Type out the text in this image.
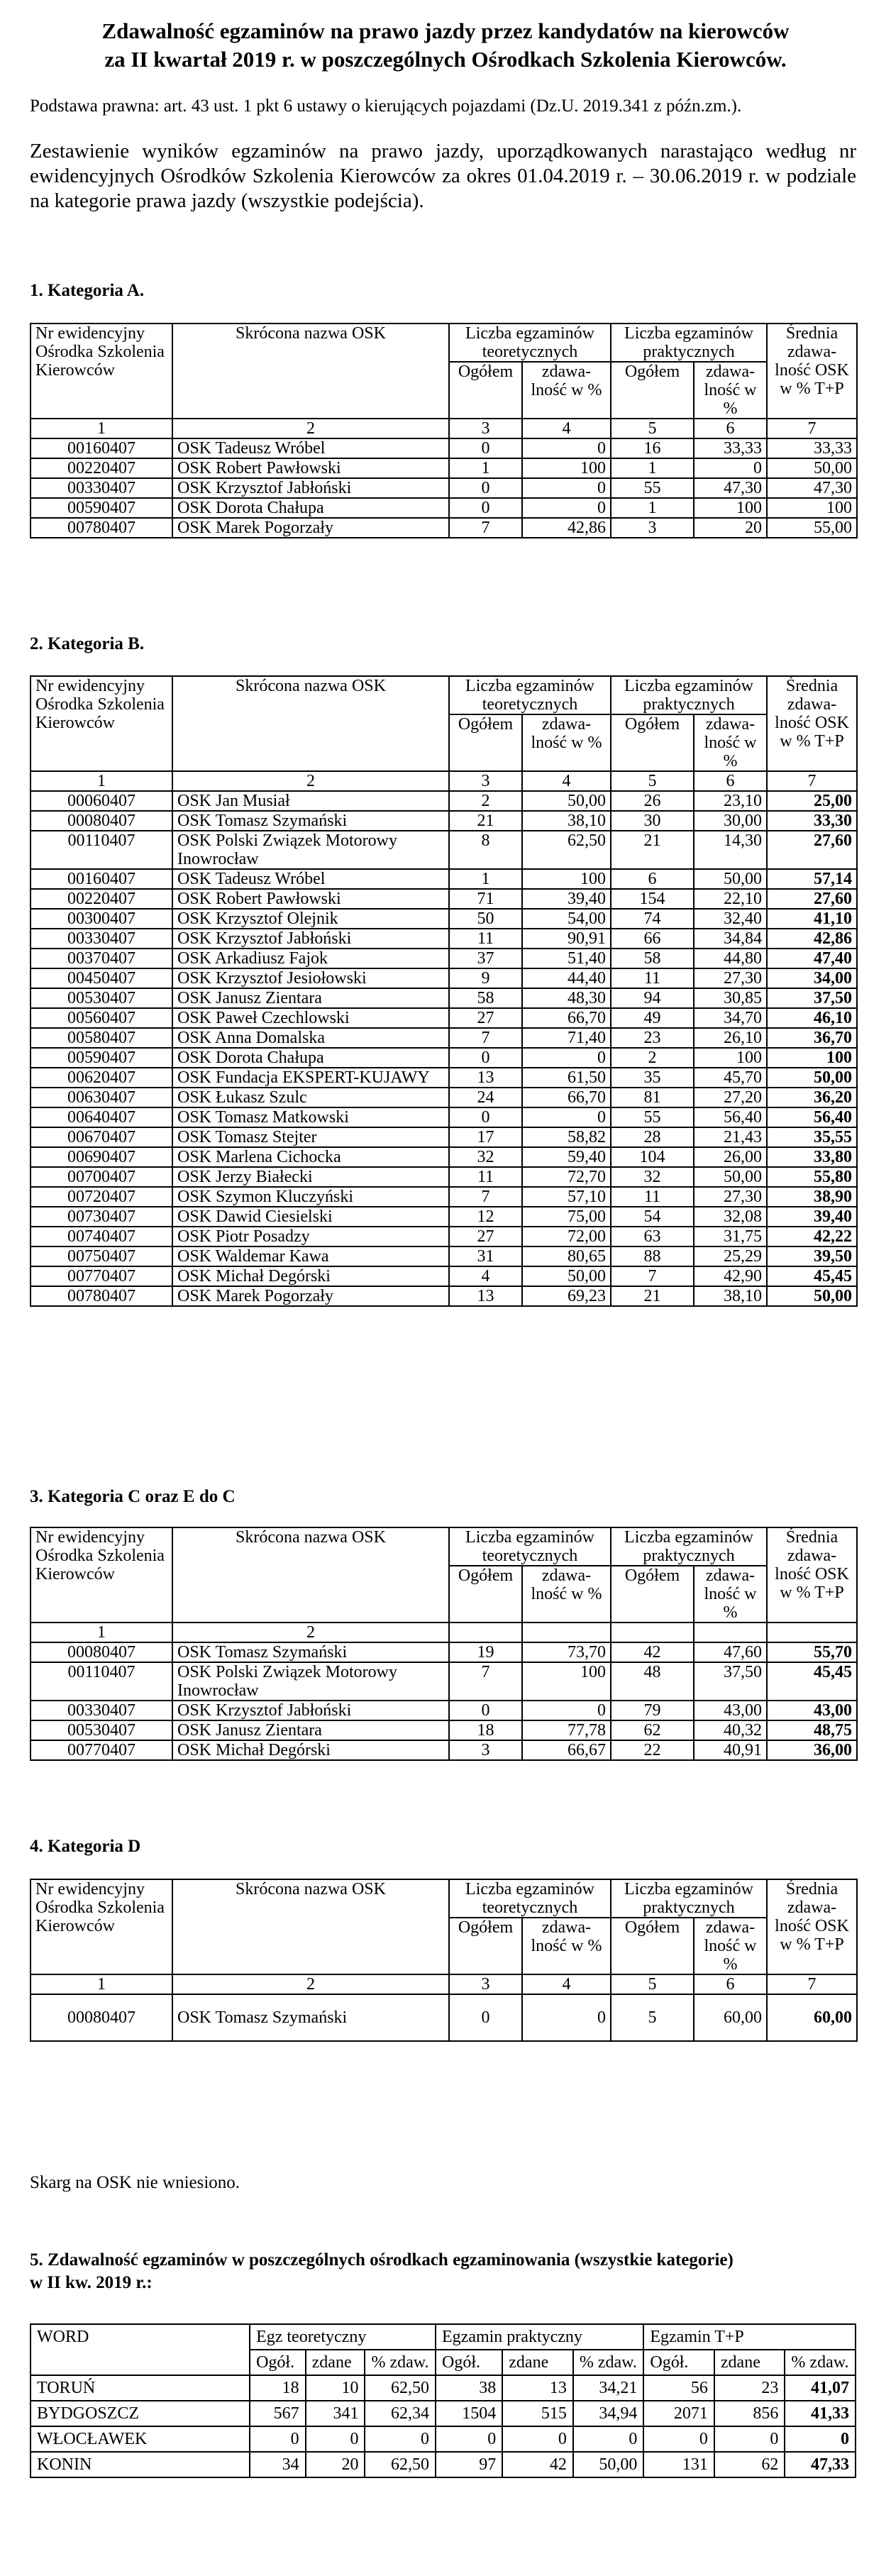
Zdawalność egzaminów na prawo jazdy przez kandydatów na kierowców
za II kwartał 2019 r. w poszczególnych Ośrodkach Szkolenia Kierowców.
Podstawa prawna: art. 43 ust. 1 pkt 6 ustawy o kierujących pojazdami (Dz.U. 2019.341 z późn.zm.).
Zestawienie wyników egzaminów na prawo jazdy, uporządkowanych narastająco według nr ewidencyjnych Ośrodków Szkolenia Kierowców za okres 01.04.2019 r. – 30.06.2019 r. w podziale na kategorie prawa jazdy (wszystkie podejścia).
1. Kategoria A.
Nr ewidencyjny Ośrodka Szkolenia Kierowców	Skrócona nazwa OSK	Liczba egzaminów teoretycznych		Liczba egzaminów praktycznych		Średnia zdawa-lność OSK w % T+P
		Ogółem	zdawa-lność w %	Ogółem	zdawa-lność w %	
1	2	3	4	5	6	7
00160407	OSK Tadeusz Wróbel	0	0	16	33,33	33,33
00220407	OSK Robert Pawłowski	1	100	1	0	50,00
00330407	OSK Krzysztof Jabłoński	0	0	55	47,30	47,30
00590407	OSK Dorota Chałupa	0	0	1	100	100
00780407	OSK Marek Pogorzały	7	42,86	3	20	55,00
2. Kategoria B.
Nr ewidencyjny Ośrodka Szkolenia Kierowców	Skrócona nazwa OSK	Liczba egzaminów teoretycznych		Liczba egzaminów praktycznych		Średnia zdawa-lność OSK w % T+P
		Ogółem	zdawa-lność w %	Ogółem	zdawa-lność w %	
1	2	3	4	5	6	7
00060407	OSK Jan Musiał	2	50,00	26	23,10	25,00
00080407	OSK Tomasz Szymański	21	38,10	30	30,00	33,30
00110407	OSK Polski Związek Motorowy Inowrocław	8	62,50	21	14,30	27,60
00160407	OSK Tadeusz Wróbel	1	100	6	50,00	57,14
00220407	OSK Robert Pawłowski	71	39,40	154	22,10	27,60
00300407	OSK Krzysztof Olejnik	50	54,00	74	32,40	41,10
00330407	OSK Krzysztof Jabłoński	11	90,91	66	34,84	42,86
00370407	OSK Arkadiusz Fajok	37	51,40	58	44,80	47,40
00450407	OSK Krzysztof Jesiołowski	9	44,40	11	27,30	34,00
00530407	OSK Janusz Zientara	58	48,30	94	30,85	37,50
00560407	OSK Paweł Czechlowski	27	66,70	49	34,70	46,10
00580407	OSK Anna Domalska	7	71,40	23	26,10	36,70
00590407	OSK Dorota Chałupa	0	0	2	100	100
00620407	OSK Fundacja EKSPERT-KUJAWY	13	61,50	35	45,70	50,00
00630407	OSK Łukasz Szulc	24	66,70	81	27,20	36,20
00640407	OSK Tomasz Matkowski	0	0	55	56,40	56,40
00670407	OSK Tomasz Stejter	17	58,82	28	21,43	35,55
00690407	OSK Marlena Cichocka	32	59,40	104	26,00	33,80
00700407	OSK Jerzy Białecki	11	72,70	32	50,00	55,80
00720407	OSK Szymon Kluczyński	7	57,10	11	27,30	38,90
00730407	OSK Dawid Ciesielski	12	75,00	54	32,08	39,40
00740407	OSK Piotr Posadzy	27	72,00	63	31,75	42,22
00750407	OSK Waldemar Kawa	31	80,65	88	25,29	39,50
00770407	OSK Michał Degórski	4	50,00	7	42,90	45,45
00780407	OSK Marek Pogorzały	13	69,23	21	38,10	50,00
3. Kategoria C oraz E do C
Nr ewidencyjny Ośrodka Szkolenia Kierowców	Skrócona nazwa OSK	Liczba egzaminów teoretycznych		Liczba egzaminów praktycznych		Średnia zdawa-lność OSK w % T+P
		Ogółem	zdawa-lność w %	Ogółem	zdawa-lność w %	
1	2					
00080407	OSK Tomasz Szymański	19	73,70	42	47,60	55,70
00110407	OSK Polski Związek Motorowy Inowrocław	7	100	48	37,50	45,45
00330407	OSK Krzysztof Jabłoński	0	0	79	43,00	43,00
00530407	OSK Janusz Zientara	18	77,78	62	40,32	48,75
00770407	OSK Michał Degórski	3	66,67	22	40,91	36,00
4. Kategoria D
Nr ewidencyjny Ośrodka Szkolenia Kierowców	Skrócona nazwa OSK	Liczba egzaminów teoretycznych		Liczba egzaminów praktycznych		Średnia zdawa-lność OSK w % T+P
		Ogółem	zdawa-lność w %	Ogółem	zdawa-lność w %	
1	2	3	4	5	6	7
00080407	OSK Tomasz Szymański	0	0	5	60,00	60,00
Skarg na OSK nie wniesiono.
5. Zdawalność egzaminów w poszczególnych ośrodkach egzaminowania (wszystkie kategorie)
w II kw. 2019 r.:
WORD	Egz teoretyczny			Egzamin praktyczny			Egzamin T+P		
	Ogół.	zdane	% zdaw.	Ogół.	zdane	% zdaw.	Ogół.	zdane	% zdaw.
TORUŃ	18	10	62,50	38	13	34,21	56	23	41,07
BYDGOSZCZ	567	341	62,34	1504	515	34,94	2071	856	41,33
WŁOCŁAWEK	0	0	0	0	0	0	0	0	0
KONIN	34	20	62,50	97	42	50,00	131	62	47,33
